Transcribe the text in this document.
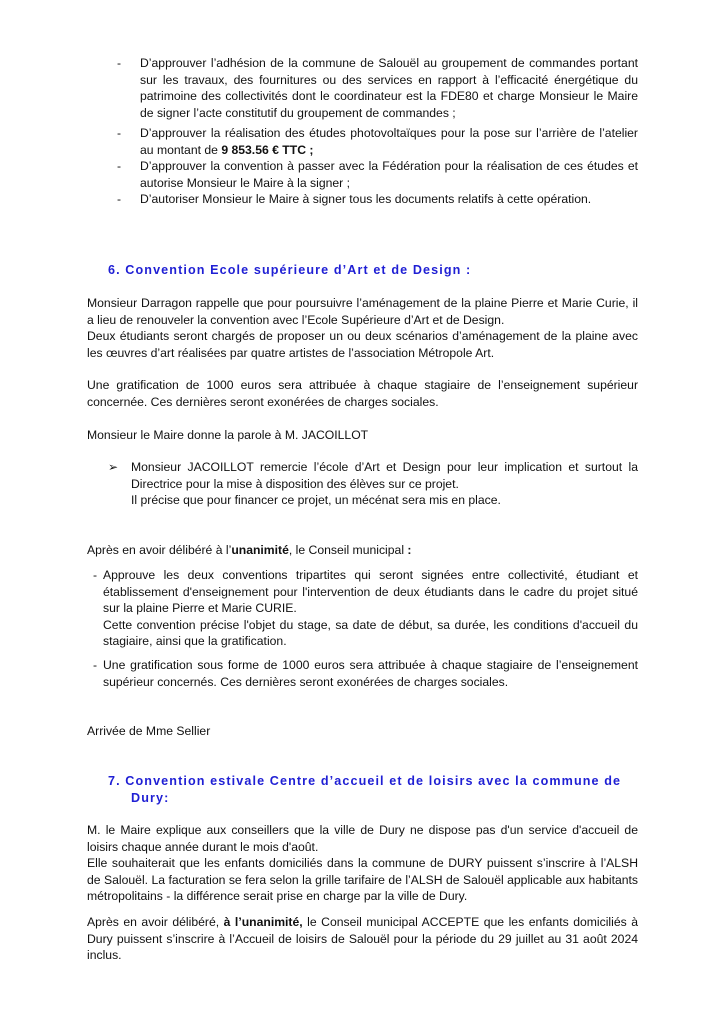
- D’approuver l’adhésion de la commune de Salouël au groupement de commandes portant sur les travaux, des fournitures ou des services en rapport à l’efficacité énergétique du patrimoine des collectivités dont le coordinateur est la FDE80 et charge Monsieur le Maire de signer l’acte constitutif du groupement de commandes ;

- D’approuver la réalisation des études photovoltaïques pour la pose sur l’arrière de l’atelier au montant de 9 853.56 € TTC ;

- D’approuver la convention à passer avec la Fédération pour la réalisation de ces études et autorise Monsieur le Maire à la signer ;

- D’autoriser Monsieur le Maire à signer tous les documents relatifs à cette opération.

6. Convention Ecole supérieure d’Art et de Design :

Monsieur Darragon rappelle que pour poursuivre l’aménagement de la plaine Pierre et Marie Curie, il a lieu de renouveler la convention avec l’Ecole Supérieure d’Art et de Design.

Deux étudiants seront chargés de proposer un ou deux scénarios d’aménagement de la plaine avec les œuvres d’art réalisées par quatre artistes de l’association Métropole Art.

Une gratification de 1000 euros sera attribuée à chaque stagiaire de l’enseignement supérieur concernée. Ces dernières seront exonérées de charges sociales.

Monsieur le Maire donne la parole à M. JACOILLOT

➢ Monsieur JACOILLOT remercie l’école d’Art et Design pour leur implication et surtout la Directrice pour la mise à disposition des élèves sur ce projet.

Il précise que pour financer ce projet, un mécénat sera mis en place.

Après en avoir délibéré à l’unanimité, le Conseil municipal :

- Approuve les deux conventions tripartites qui seront signées entre collectivité, étudiant et établissement d'enseignement pour l'intervention de deux étudiants dans le cadre du projet situé sur la plaine Pierre et Marie CURIE.

Cette convention précise l'objet du stage, sa date de début, sa durée, les conditions d'accueil du stagiaire, ainsi que la gratification.

- Une gratification sous forme de 1000 euros sera attribuée à chaque stagiaire de l’enseignement supérieur concernés. Ces dernières seront exonérées de charges sociales.

Arrivée de Mme Sellier

7. Convention estivale Centre d’accueil et de loisirs avec la commune de
Dury:

M. le Maire explique aux conseillers que la ville de Dury ne dispose pas d'un service d'accueil de loisirs chaque année durant le mois d'août.

Elle souhaiterait que les enfants domiciliés dans la commune de DURY puissent s’inscrire à l’ALSH de Salouël. La facturation se fera selon la grille tarifaire de l’ALSH de Salouël applicable aux habitants métropolitains - la différence serait prise en charge par la ville de Dury.

Après en avoir délibéré, à l’unanimité, le Conseil municipal ACCEPTE que les enfants domiciliés à Dury puissent s’inscrire à l’Accueil de loisirs de Salouël pour la période du 29 juillet au 31 août 2024 inclus.
